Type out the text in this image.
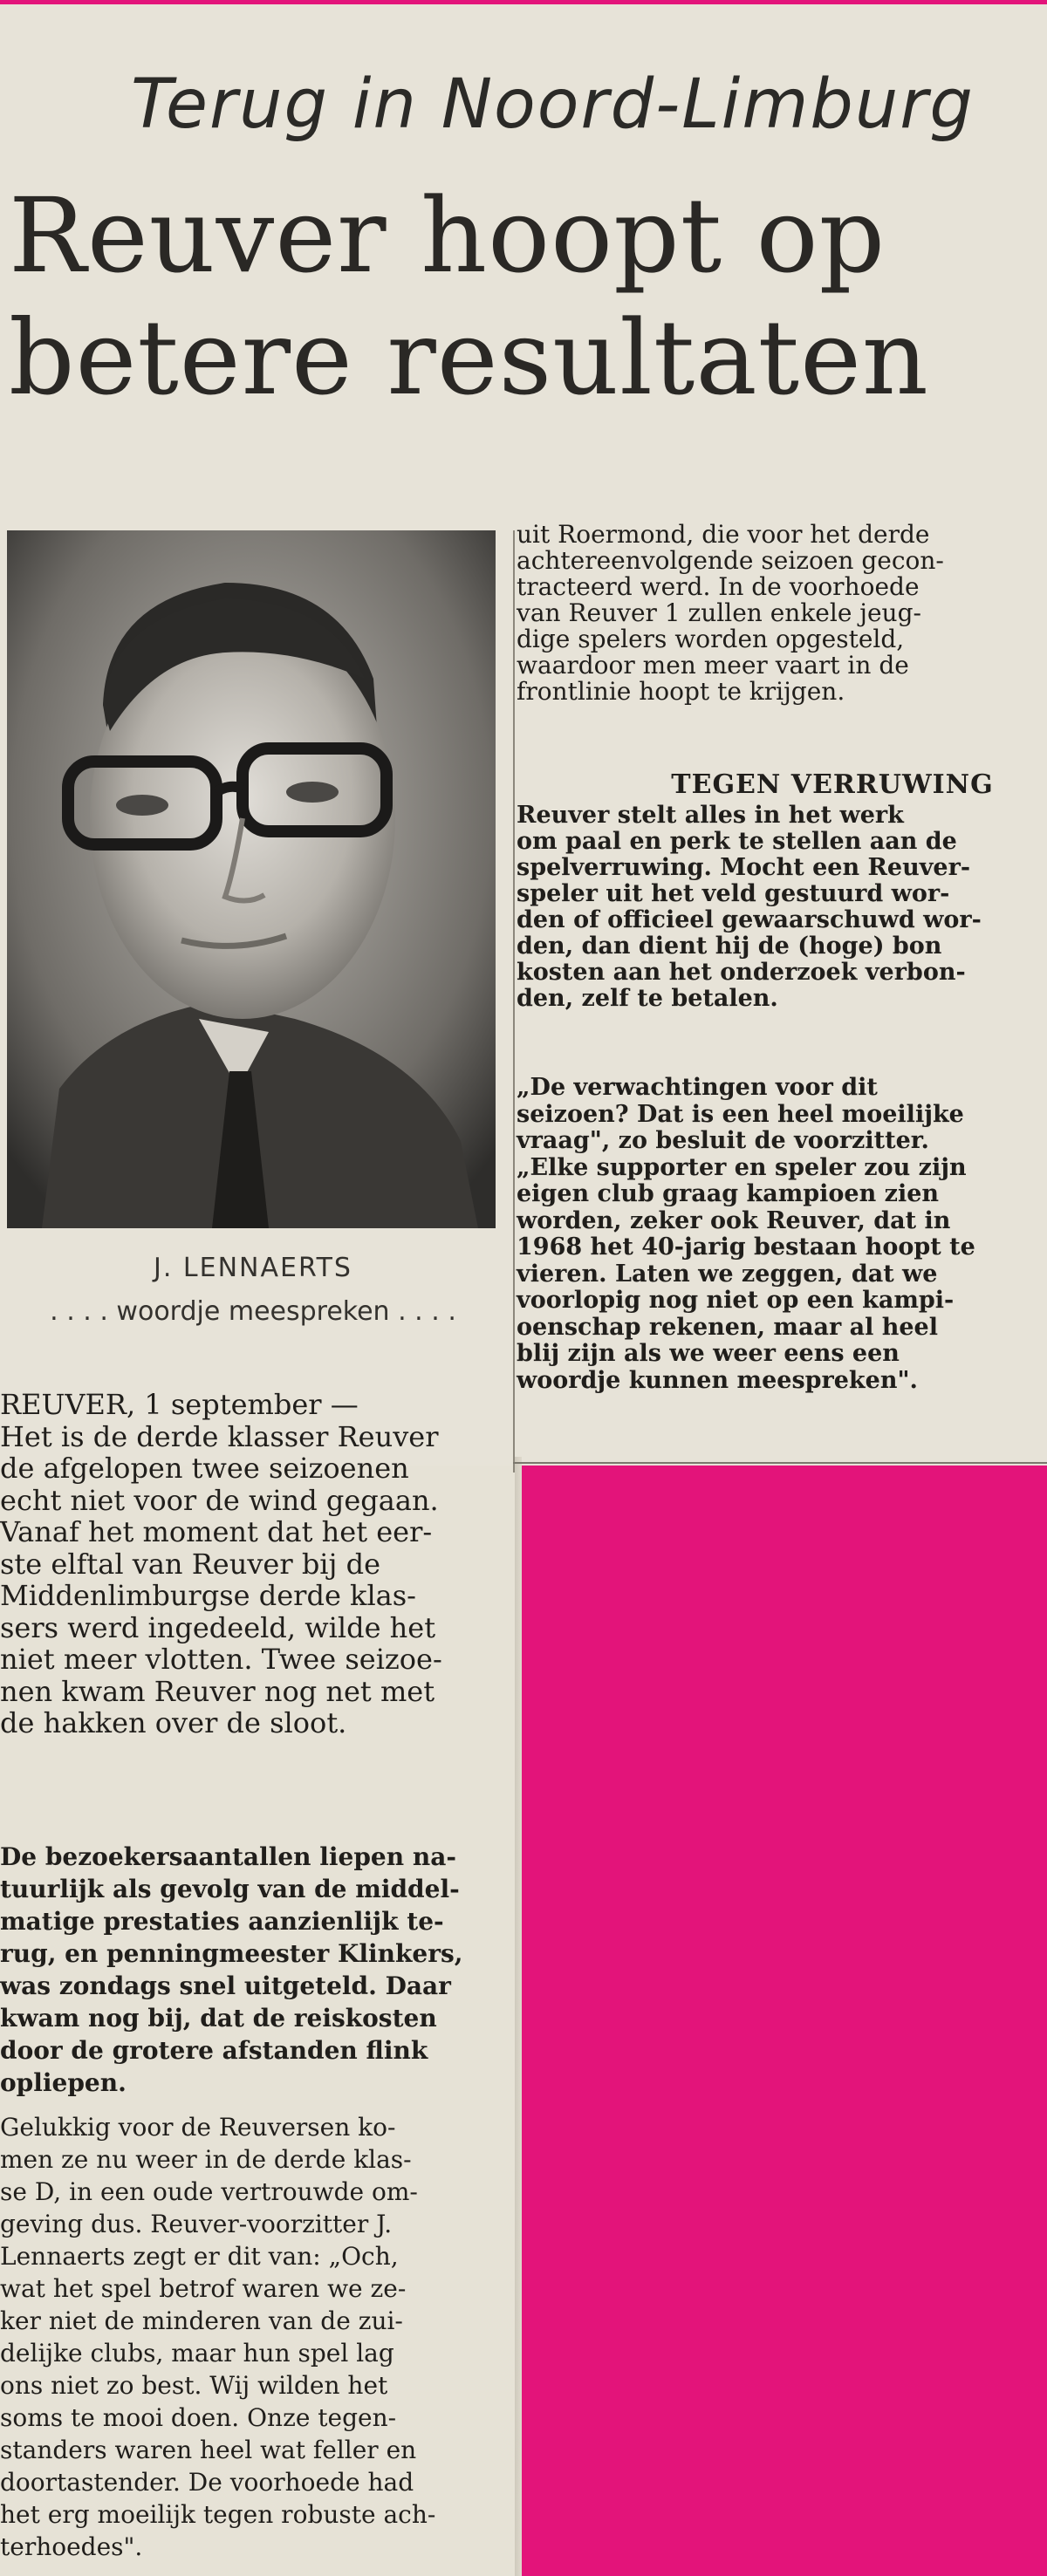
Terug in Noord-Limburg
Reuver hoopt op
betere resultaten
J. LENNAERTS
. . . . woordje meespreken . . . .
REUVER, 1 september —
Het is de derde klasser Reuver
de afgelopen twee seizoenen
echt niet voor de wind gegaan.
Vanaf het moment dat het eer-
ste elftal van Reuver bij de
Middenlimburgse derde klas-
sers werd ingedeeld, wilde het
niet meer vlotten. Twee seizoe-
nen kwam Reuver nog net met
de hakken over de sloot.
De bezoekersaantallen liepen na-
tuurlijk als gevolg van de middel-
matige prestaties aanzienlijk te-
rug, en penningmeester Klinkers,
was zondags snel uitgeteld. Daar
kwam nog bij, dat de reiskosten
door de grotere afstanden flink
opliepen.
Gelukkig voor de Reuversen ko-
men ze nu weer in de derde klas-
se D, in een oude vertrouwde om-
geving dus. Reuver-voorzitter J.
Lennaerts zegt er dit van: „Och,
wat het spel betrof waren we ze-
ker niet de minderen van de zui-
delijke clubs, maar hun spel lag
ons niet zo best. Wij wilden het
soms te mooi doen. Onze tegen-
standers waren heel wat feller en
doortastender. De voorhoede had
het erg moeilijk tegen robuste ach-
terhoedes".
uit Roermond, die voor het derde
achtereenvolgende seizoen gecon-
tracteerd werd. In de voorhoede
van Reuver 1 zullen enkele jeug-
dige spelers worden opgesteld,
waardoor men meer vaart in de
frontlinie hoopt te krijgen.
TEGEN VERRUWING
Reuver stelt alles in het werk
om paal en perk te stellen aan de
spelverruwing. Mocht een Reuver-
speler uit het veld gestuurd wor-
den of officieel gewaarschuwd wor-
den, dan dient hij de (hoge) bon
kosten aan het onderzoek verbon-
den, zelf te betalen.
„De verwachtingen voor dit
seizoen? Dat is een heel moeilijke
vraag", zo besluit de voorzitter.
„Elke supporter en speler zou zijn
eigen club graag kampioen zien
worden, zeker ook Reuver, dat in
1968 het 40-jarig bestaan hoopt te
vieren. Laten we zeggen, dat we
voorlopig nog niet op een kampi-
oenschap rekenen, maar al heel
blij zijn als we weer eens een
woordje kunnen meespreken".
